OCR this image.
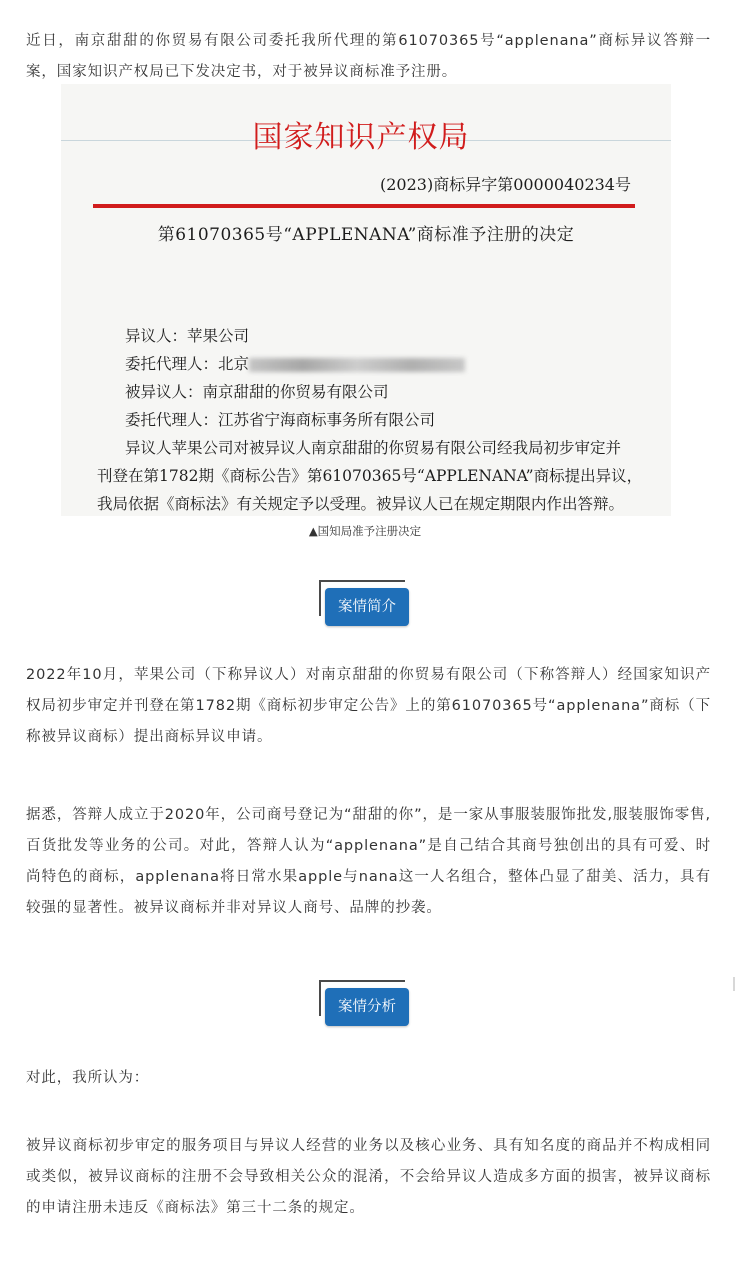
近日，南京甜甜的你贸易有限公司委托我所代理的第61070365号“applenana”商标异议答辩一案，国家知识产权局已下发决定书，对于被异议商标准予注册。

国家知识产权局
(2023)商标异字第0000040234号
第61070365号“APPLENANA”商标准予注册的决定
异议人：苹果公司
委托代理人：北京
被异议人：南京甜甜的你贸易有限公司
委托代理人：江苏省宁海商标事务所有限公司
异议人苹果公司对被异议人南京甜甜的你贸易有限公司经我局初步审定并
刊登在第1782期《商标公告》第61070365号“APPLENANA”商标提出异议，
我局依据《商标法》有关规定予以受理。被异议人已在规定期限内作出答辩。
▲国知局准予注册决定
案情简介

2022年10月，苹果公司（下称异议人）对南京甜甜的你贸易有限公司（下称答辩人）经国家知识产权局初步审定并刊登在第1782期《商标初步审定公告》上的第61070365号“applenana”商标（下称被异议商标）提出商标异议申请。

据悉，答辩人成立于2020年，公司商号登记为“甜甜的你”，是一家从事服装服饰批发,服装服饰零售,百货批发等业务的公司。对此，答辩人认为“applenana”是自己结合其商号独创出的具有可爱、时尚特色的商标，applenana将日常水果apple与nana这一人名组合，整体凸显了甜美、活力，具有较强的显著性。被异议商标并非对异议人商号、品牌的抄袭。

案情分析

对此，我所认为：

被异议商标初步审定的服务项目与异议人经营的业务以及核心业务、具有知名度的商品并不构成相同或类似，被异议商标的注册不会导致相关公众的混淆，不会给异议人造成多方面的损害，被异议商标的申请注册未违反《商标法》第三十二条的规定。
